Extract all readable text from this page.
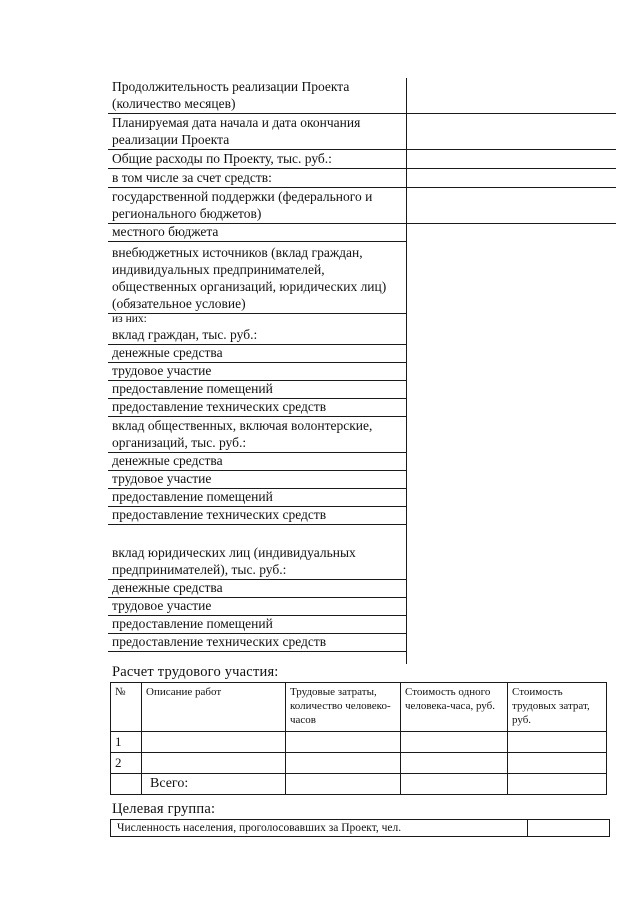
Продолжительность реализации Проекта (количество месяцев)
Планируемая дата начала и дата окончания реализации Проекта
Общие расходы по Проекту, тыс. руб.:
в том числе за счет средств:
государственной поддержки (федерального и регионального бюджетов)
местного бюджета
внебюджетных источников (вклад граждан, индивидуальных предпринимателей, общественных организаций, юридических лиц) (обязательное условие)
из них:
вклад граждан, тыс. руб.:
денежные средства
трудовое участие
предоставление помещений
предоставление технических средств
вклад общественных, включая волонтерские, организаций, тыс. руб.:
денежные средства
трудовое участие
предоставление помещений
предоставление технических средств
вклад юридических лиц (индивидуальных предпринимателей), тыс. руб.:
денежные средства
трудовое участие
предоставление помещений
предоставление технических средств
Расчет трудового участия:
№	Описание работ	Трудовые затраты, количество человеко-часов	Стоимость одного человека-часа, руб.	Стоимость трудовых затрат, руб.
1				
2				
	Всего:			
Целевая группа:
Численность населения, проголосовавших за Проект, чел.	
